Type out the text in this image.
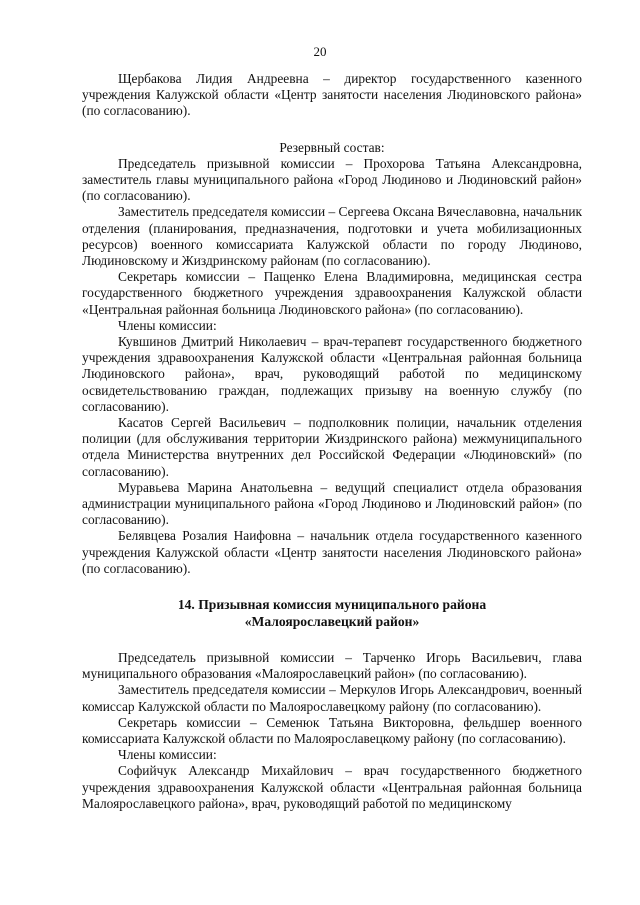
20

Щербакова Лидия Андреевна – директор государственного казенного учреждения Калужской области «Центр занятости населения Людиновского района» (по согласованию).

Резервный состав:

Председатель призывной комиссии – Прохорова Татьяна Александровна, заместитель главы муниципального района «Город Людиново и Людиновский район» (по согласованию).

Заместитель председателя комиссии – Сергеева Оксана Вячеславовна, начальник отделения (планирования, предназначения, подготовки и учета мобилизационных ресурсов) военного комиссариата Калужской области по городу Людиново, Людиновскому и Жиздринскому районам (по согласованию).

Секретарь комиссии – Пащенко Елена Владимировна, медицинская сестра государственного бюджетного учреждения здравоохранения Калужской области «Центральная районная больница Людиновского района» (по согласованию).

Члены комиссии:

Кувшинов Дмитрий Николаевич – врач-терапевт государственного бюджетного учреждения здравоохранения Калужской области «Центральная районная больница Людиновского района», врач, руководящий работой по медицинскому освидетельствованию граждан, подлежащих призыву на военную службу (по согласованию).

Касатов Сергей Васильевич – подполковник полиции, начальник отделения полиции (для обслуживания территории Жиздринского района) межмуниципального отдела Министерства внутренних дел Российской Федерации «Людиновский» (по согласованию).

Муравьева Марина Анатольевна – ведущий специалист отдела образования администрации муниципального района «Город Людиново и Людиновский район» (по согласованию).

Белявцева Розалия Наифовна – начальник отдела государственного казенного учреждения Калужской области «Центр занятости населения Людиновского района» (по согласованию).

14. Призывная комиссия муниципального района
«Малоярославецкий район»

Председатель призывной комиссии – Тарченко Игорь Васильевич, глава муниципального образования «Малоярославецкий район» (по согласованию).

Заместитель председателя комиссии – Меркулов Игорь Александрович, военный комиссар Калужской области по Малоярославецкому району (по согласованию).

Секретарь комиссии – Семенюк Татьяна Викторовна, фельдшер военного комиссариата Калужской области по Малоярославецкому району (по согласованию).

Члены комиссии:

Софийчук Александр Михайлович – врач государственного бюджетного учреждения здравоохранения Калужской области «Центральная районная больница Малоярославецкого района», врач, руководящий работой по медицинскому
